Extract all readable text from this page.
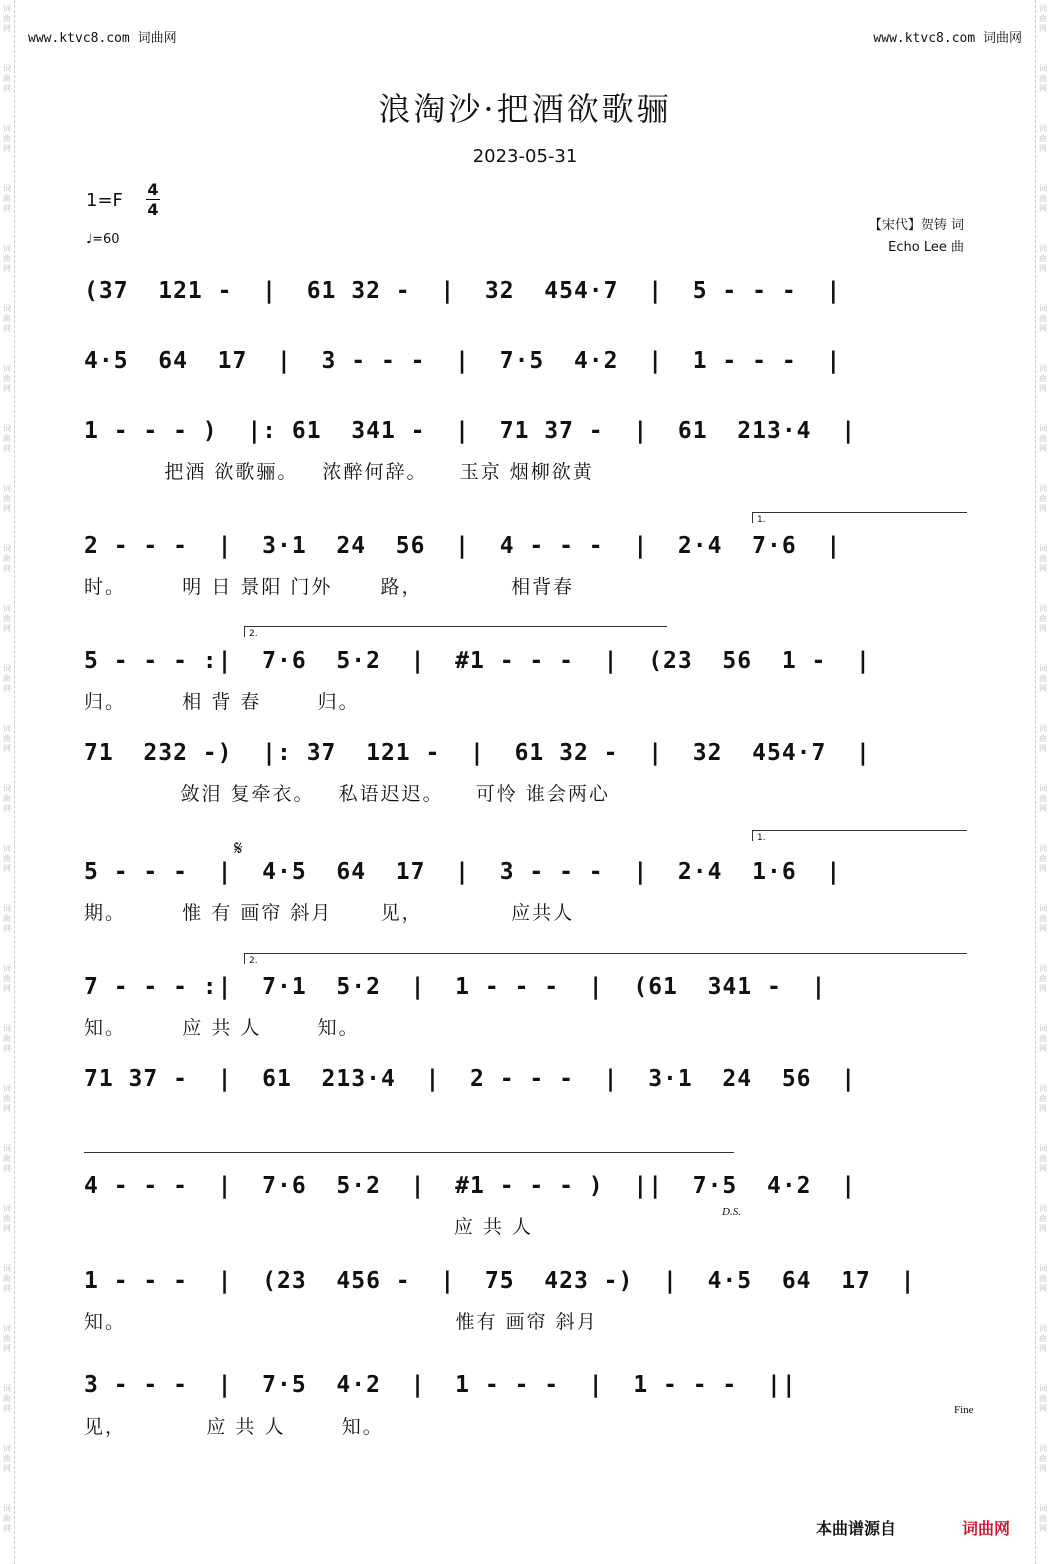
词
曲
网
词
曲
网
词
曲
网
词
曲
网
词
曲
网
词
曲
网
词
曲
网
词
曲
网
词
曲
网
词
曲
网
词
曲
网
词
曲
网
词
曲
网
词
曲
网
词
曲
网
词
曲
网
词
曲
网
词
曲
网
词
曲
网
词
曲
网
词
曲
网
词
曲
网
词
曲
网
词
曲
网
词
曲
网
词
曲
网
词
曲
网
词
曲
网
词
曲
网
词
曲
网
词
曲
网
词
曲
网
词
曲
网
词
曲
网
词
曲
网
词
曲
网
词
曲
网
词
曲
网
词
曲
网
词
曲
网
词
曲
网
词
曲
网
词
曲
网
词
曲
网
词
曲
网
词
曲
网
词
曲
网
词
曲
网
词
曲
网
词
曲
网
词
曲
网
词
曲
网
www.ktvc8.com 词曲网	www.ktvc8.com 词曲网
浪淘沙·把酒欲歌骊
2023-05-31
1=F
4
4
♩=60
【宋代】贺铸 词
Echo Lee 曲
(37  121 -  |  61 32 -  |  32  454·7  |  5 - - -  |
4·5  64  17  |  3 - - -  |  7·5  4·2  |  1 - - -  |
1 - - - )  |: 61  341 -  |  71 37 -  |  61  213·4  |
把酒 欲歌骊。   浓醉何辞。    玉京 烟柳欲黄
1.
2 - - -  |  3·1  24  56  |  4 - - -  |  2·4  7·6  |
时。       明 日 景阳 门外      路，           相背春
2.
5 - - - :|  7·6  5·2  |  #1 - - -  |  (23  56  1 -  |
归。       相 背 春       归。
71  232 -)  |: 37  121 -  |  61 32 -  |  32  454·7  |
敛泪 复牵衣。   私语迟迟。    可怜 谁会两心
𝄋	1.
5 - - -  |  4·5  64  17  |  3 - - -  |  2·4  1·6  |
期。       惟 有 画帘 斜月      见，           应共人
2.
7 - - - :|  7·1  5·2  |  1 - - -  |  (61  341 -  |
知。       应 共 人       知。
71 37 -  |  61  213·4  |  2 - - -  |  3·1  24  56  |
4 - - -  |  7·6  5·2  |  #1 - - - )  ||  7·5  4·2  |
D.S.
应 共 人
1 - - -  |  (23  456 -  |  75  423 -)  |  4·5  64  17  |
知。                                         惟有 画帘 斜月
3 - - -  |  7·5  4·2  |  1 - - -  |  1 - - -  ||
Fine
见，          应 共 人       知。
本曲谱源自	词曲网
